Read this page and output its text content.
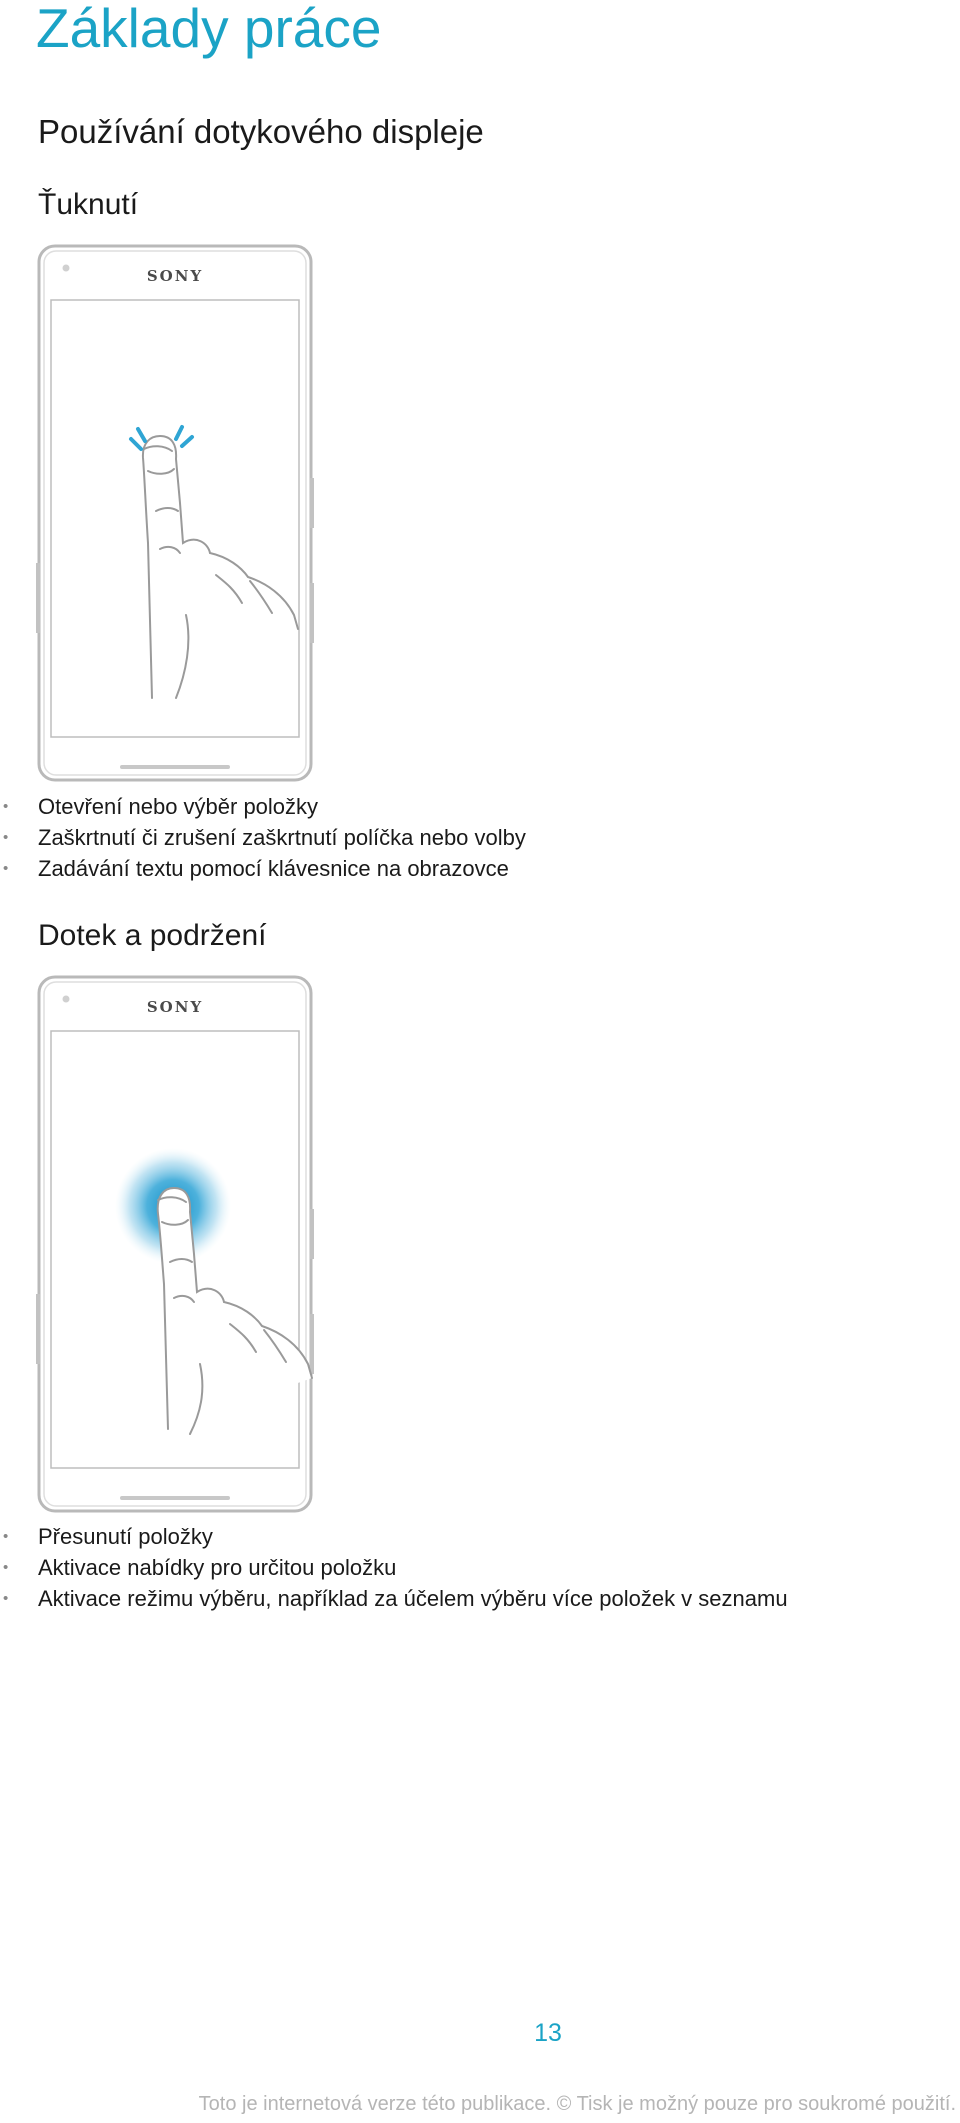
Základy práce
Používání dotykového displeje
Ťuknutí
SONY
• Otevření nebo výběr položky
• Zaškrtnutí či zrušení zaškrtnutí políčka nebo volby
• Zadávání textu pomocí klávesnice na obrazovce
Dotek a podržení
SONY
• Přesunutí položky
• Aktivace nabídky pro určitou položku
• Aktivace režimu výběru, například za účelem výběru více položek v seznamu
13
Toto je internetová verze této publikace. © Tisk je možný pouze pro soukromé použití.
